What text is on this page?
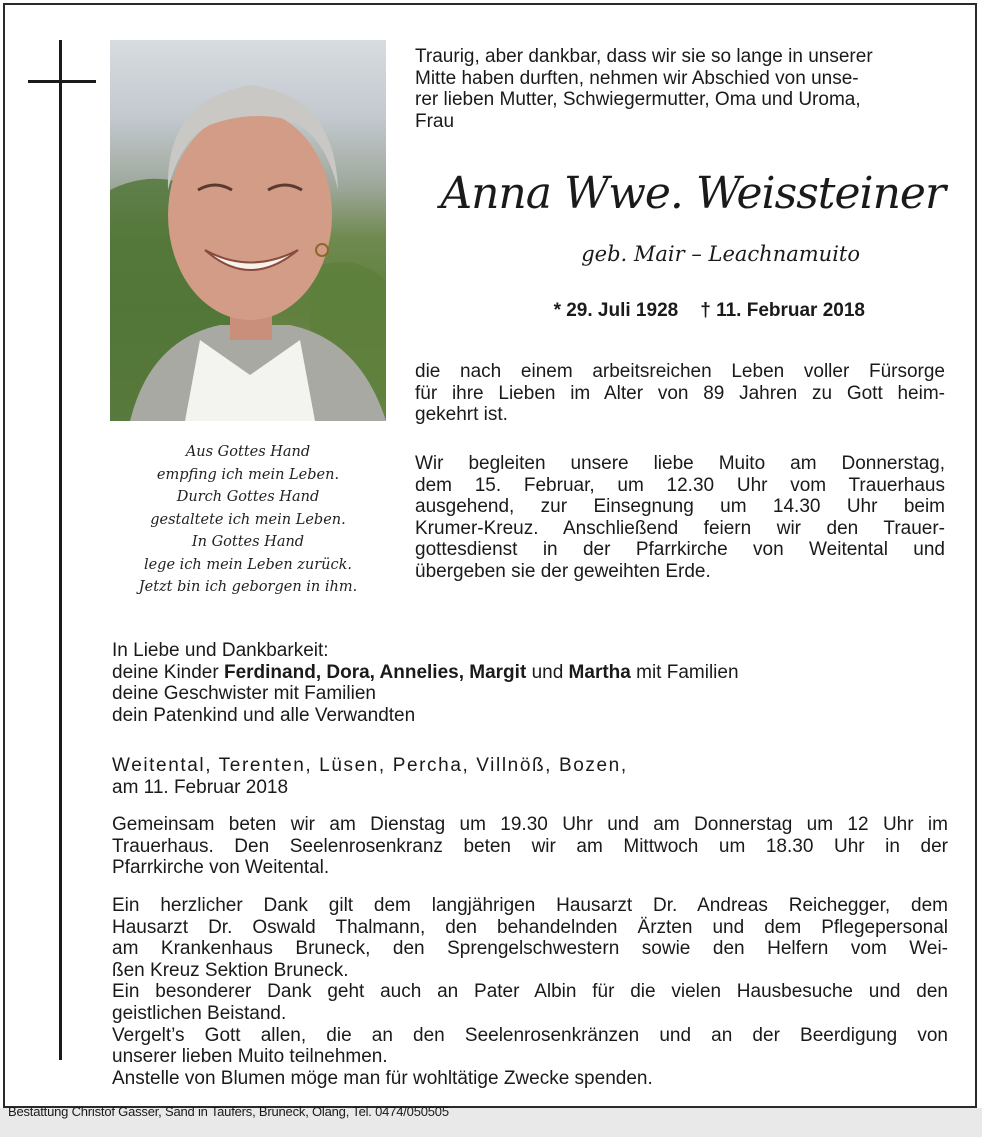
Aus Gottes Hand
empfing ich mein Leben.
Durch Gottes Hand
gestaltete ich mein Leben.
In Gottes Hand
lege ich mein Leben zurück.
Jetzt bin ich geborgen in ihm.
Traurig, aber dankbar, dass wir sie so lange in unserer
Mitte haben durften, nehmen wir Abschied von unse-
rer lieben Mutter, Schwiegermutter, Oma und Uroma,
Frau
Anna Wwe. Weissteiner
geb. Mair – Leachnamuito
* 29. Juli 1928 † 11. Februar 2018
die nach einem arbeitsreichen Leben voller Fürsorge
für ihre Lieben im Alter von 89 Jahren zu Gott heim-
gekehrt ist.
Wir begleiten unsere liebe Muito am Donnerstag,
dem 15. Februar, um 12.30 Uhr vom Trauerhaus
ausgehend, zur Einsegnung um 14.30 Uhr beim
Krumer-Kreuz. Anschließend feiern wir den Trauer-
gottesdienst in der Pfarrkirche von Weitental und
übergeben sie der geweihten Erde.
In Liebe und Dankbarkeit:
deine Kinder Ferdinand, Dora, Annelies, Margit und Martha mit Familien
deine Geschwister mit Familien
dein Patenkind und alle Verwandten
Weitental, Terenten, Lüsen, Percha, Villnöß, Bozen,
am 11. Februar 2018
Gemeinsam beten wir am Dienstag um 19.30 Uhr und am Donnerstag um 12 Uhr im
Trauerhaus. Den Seelenrosenkranz beten wir am Mittwoch um 18.30 Uhr in der
Pfarrkirche von Weitental.
Ein herzlicher Dank gilt dem langjährigen Hausarzt Dr. Andreas Reichegger, dem
Hausarzt Dr. Oswald Thalmann, den behandelnden Ärzten und dem Pflegepersonal
am Krankenhaus Bruneck, den Sprengelschwestern sowie den Helfern vom Wei-
ßen Kreuz Sektion Bruneck.
Ein besonderer Dank geht auch an Pater Albin für die vielen Hausbesuche und den
geistlichen Beistand.
Vergelt’s Gott allen, die an den Seelenrosenkränzen und an der Beerdigung von
unserer lieben Muito teilnehmen.
Anstelle von Blumen möge man für wohltätige Zwecke spenden.
Bestattung Christof Gasser, Sand in Taufers, Bruneck, Olang, Tel. 0474/050505
